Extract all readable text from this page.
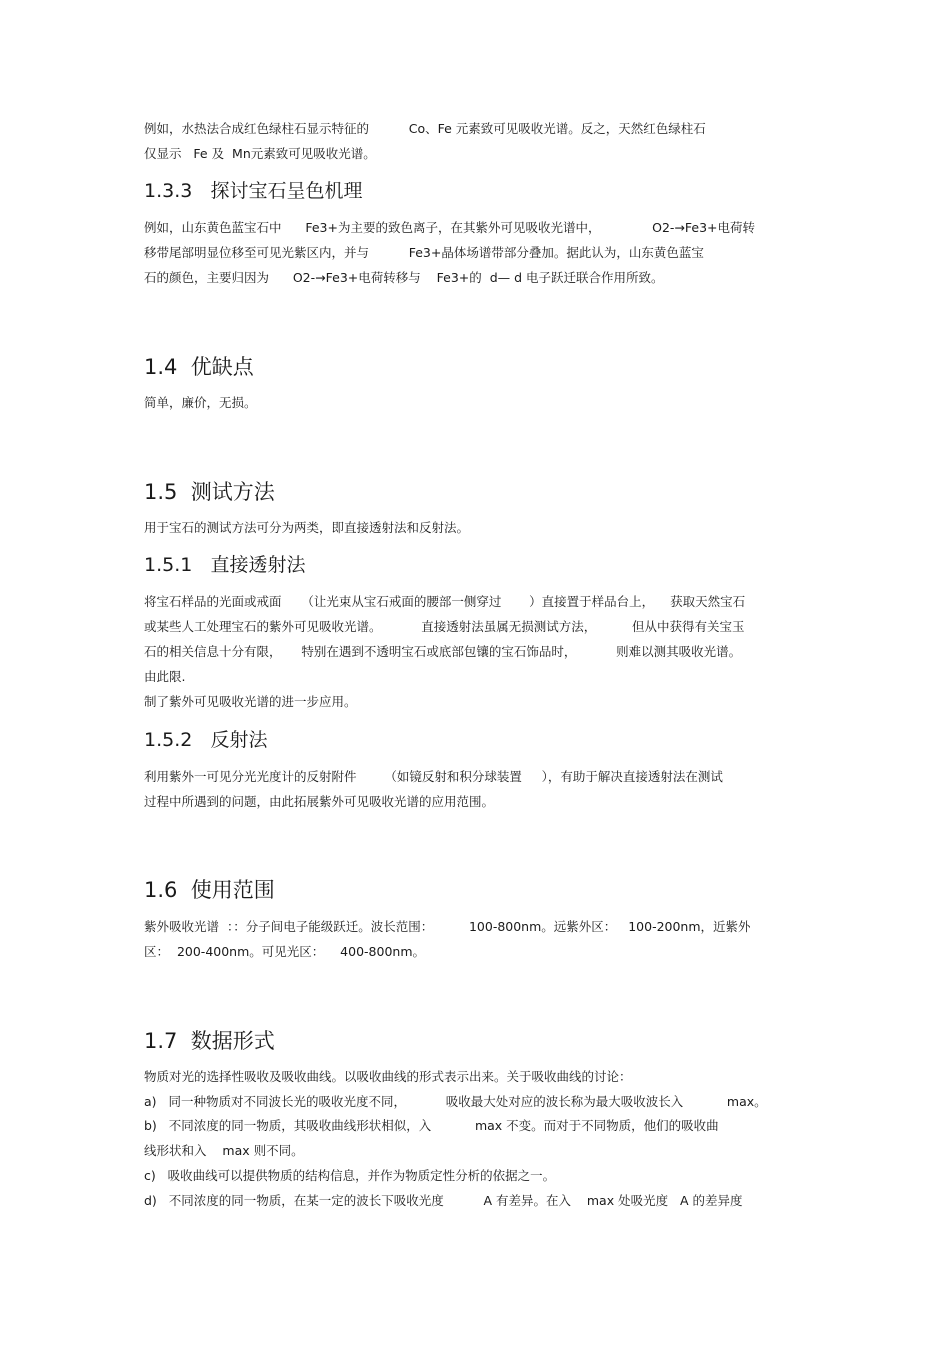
例如，水热法合成红色绿柱石显示特征的          Co、Fe 元素致可见吸收光谱。反之，天然红色绿柱石
仅显示   Fe 及  Mn元素致可见吸收光谱。
1.3.3   探讨宝石呈色机理
例如，山东黄色蓝宝石中      Fe3+为主要的致色离子，在其紫外可见吸收光谱中，             O2-→Fe3+电荷转
移带尾部明显位移至可见光紫区内，并与          Fe3+晶体场谱带部分叠加。据此认为，山东黄色蓝宝
石的颜色，主要归因为      O2-→Fe3+电荷转移与    Fe3+的  d— d 电子跃迁联合作用所致。
1.4  优缺点
简单，廉价，无损。
1.5  测试方法
用于宝石的测试方法可分为两类，即直接透射法和反射法。
1.5.1   直接透射法
将宝石样品的光面或戒面     （让光束从宝石戒面的腰部一侧穿过       ）直接置于样品台上，    获取天然宝石
或某些人工处理宝石的紫外可见吸收光谱。          直接透射法虽属无损测试方法，         但从中获得有关宝玉
石的相关信息十分有限，     特别在遇到不透明宝石或底部包镶的宝石饰品时，          则难以测其吸收光谱。
由此限.
制了紫外可见吸收光谱的进一步应用。
1.5.2   反射法
利用紫外一可见分光光度计的反射附件       （如镜反射和积分球装置     ），有助于解决直接透射法在测试
过程中所遇到的问题，由此拓展紫外可见吸收光谱的应用范围。
1.6  使用范围
紫外吸收光谱  ：：分子间电子能级跃迁。波长范围：         100-800nm。远紫外区：   100-200nm，近紫外
区：  200-400nm。可见光区：    400-800nm。
1.7  数据形式
物质对光的选择性吸收及吸收曲线。以吸收曲线的形式表示出来。关于吸收曲线的讨论：
a)   同一种物质对不同波长光的吸收光度不同，          吸收最大处对应的波长称为最大吸收波长入           max。
b)   不同浓度的同一物质，其吸收曲线形状相似，入           max 不变。而对于不同物质，他们的吸收曲
线形状和入    max 则不同。
c)   吸收曲线可以提供物质的结构信息，并作为物质定性分析的依据之一。
d)   不同浓度的同一物质，在某一定的波长下吸收光度          A 有差异。在入    max 处吸光度   A 的差异度
